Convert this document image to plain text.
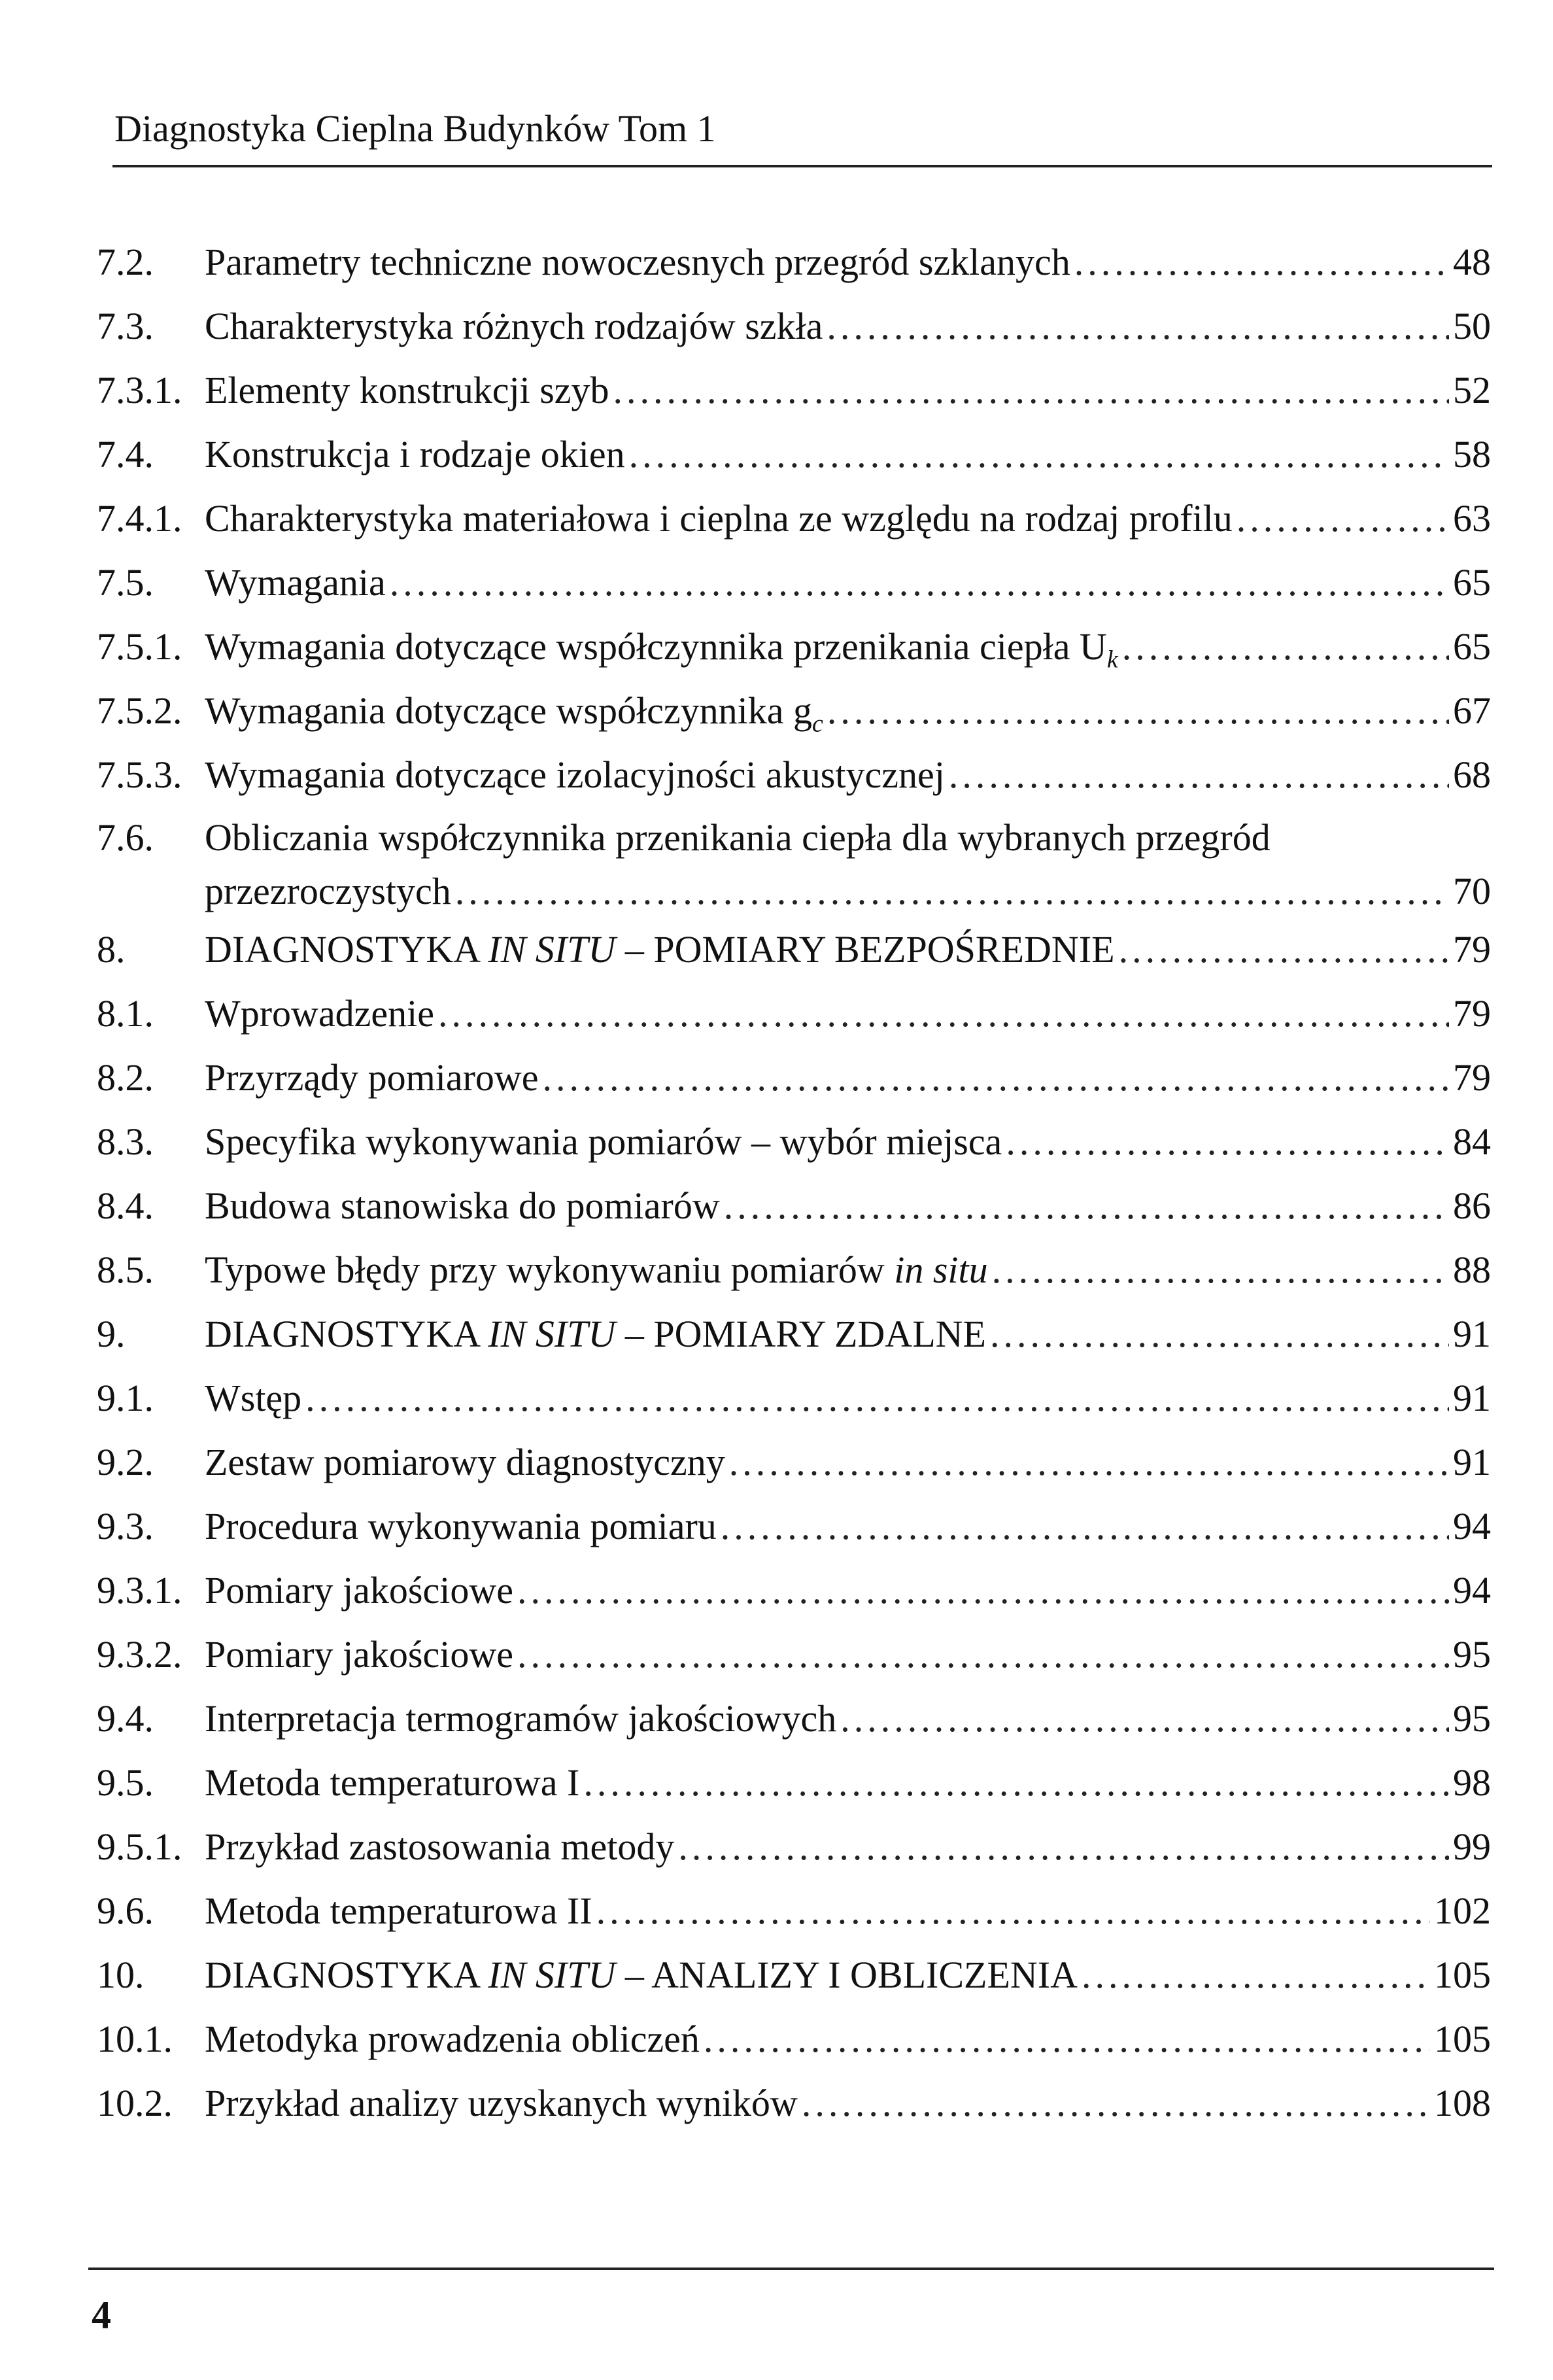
Diagnostyka Cieplna Budynków Tom 1
7.2.	Parametry techniczne nowoczesnych przegród szklanych .....	48
7.3.	Charakterystyka różnych rodzajów szkła .....	50
7.3.1. Elementy konstrukcji szyb .....	52
7.4.	Konstrukcja i rodzaje okien .....	58
7.4.1. Charakterystyka materiałowa i cieplna ze względu na rodzaj profilu .....	63
7.5.	Wymagania .....	65
7.5.1. Wymagania dotyczące współczynnika przenikania ciepła $U_k$ .....	65
7.5.2. Wymagania dotyczące współczynnika $g_c$ .....	67
7.5.3. Wymagania dotyczące izolacyjności akustycznej .....	68
7.6.	Obliczania współczynnika przenikania ciepła dla wybranych przegród
przezroczystych .....	70
8.	DIAGNOSTYKA IN SITU – POMIARY BEZPOŚREDNIE .....	79
8.1.	Wprowadzenie .....	79
8.2.	Przyrządy pomiarowe .....	79
8.3.	Specyfika wykonywania pomiarów – wybór miejsca .....	84
8.4.	Budowa stanowiska do pomiarów .....	86
8.5.	Typowe błędy przy wykonywaniu pomiarów in situ .....	88
9.	DIAGNOSTYKA IN SITU – POMIARY ZDALNE .....	91
9.1.	Wstęp .....	91
9.2.	Zestaw pomiarowy diagnostyczny .....	91
9.3.	Procedura wykonywania pomiaru .....	94
9.3.1. Pomiary jakościowe .....	94
9.3.2. Pomiary jakościowe .....	95
9.4.	Interpretacja termogramów jakościowych .....	95
9.5.	Metoda temperaturowa I .....	98
9.5.1. Przykład zastosowania metody .....	99
9.6.	Metoda temperaturowa II .....	102
10.	DIAGNOSTYKA IN SITU – ANALIZY I OBLICZENIA .....	105
10.1. Metodyka prowadzenia obliczeń .....	105
10.2. Przykład analizy uzyskanych wyników .....	108
4
